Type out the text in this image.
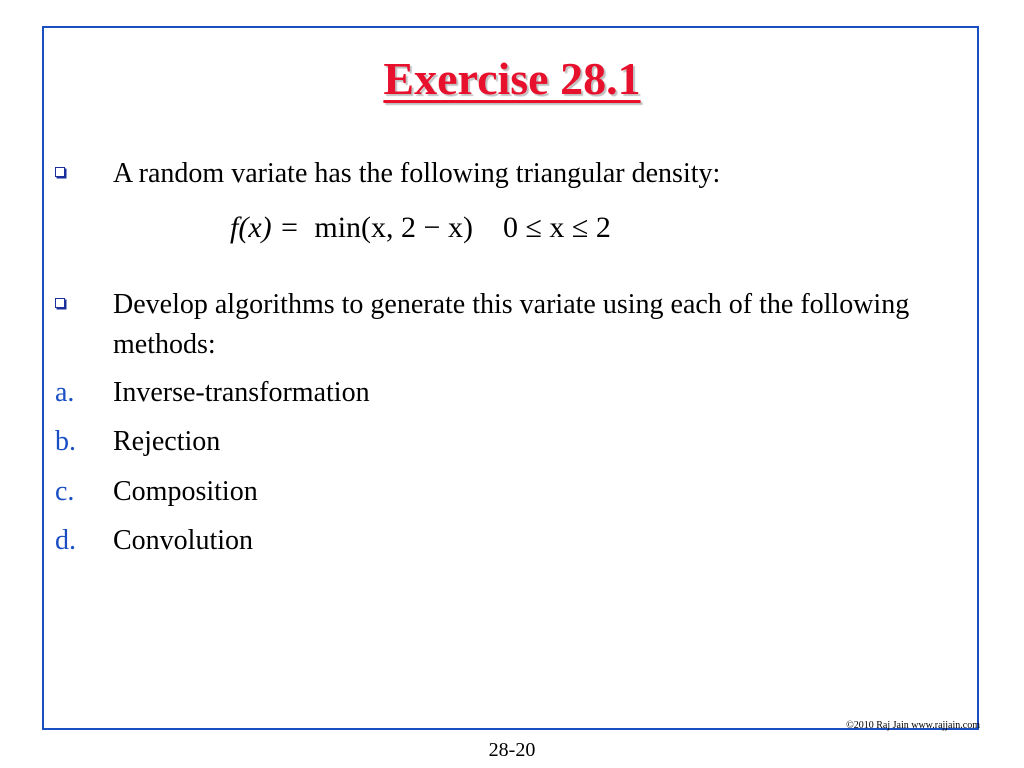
Exercise 28.1
A random variate has the following triangular density:
f(x) = min(x, 2 − x) 0 ≤ x ≤ 2
Develop algorithms to generate this variate using each of the following methods:
a. Inverse-transformation
b. Rejection
c. Composition
d. Convolution
©2010 Raj Jain www.rajjain.com
28-20
